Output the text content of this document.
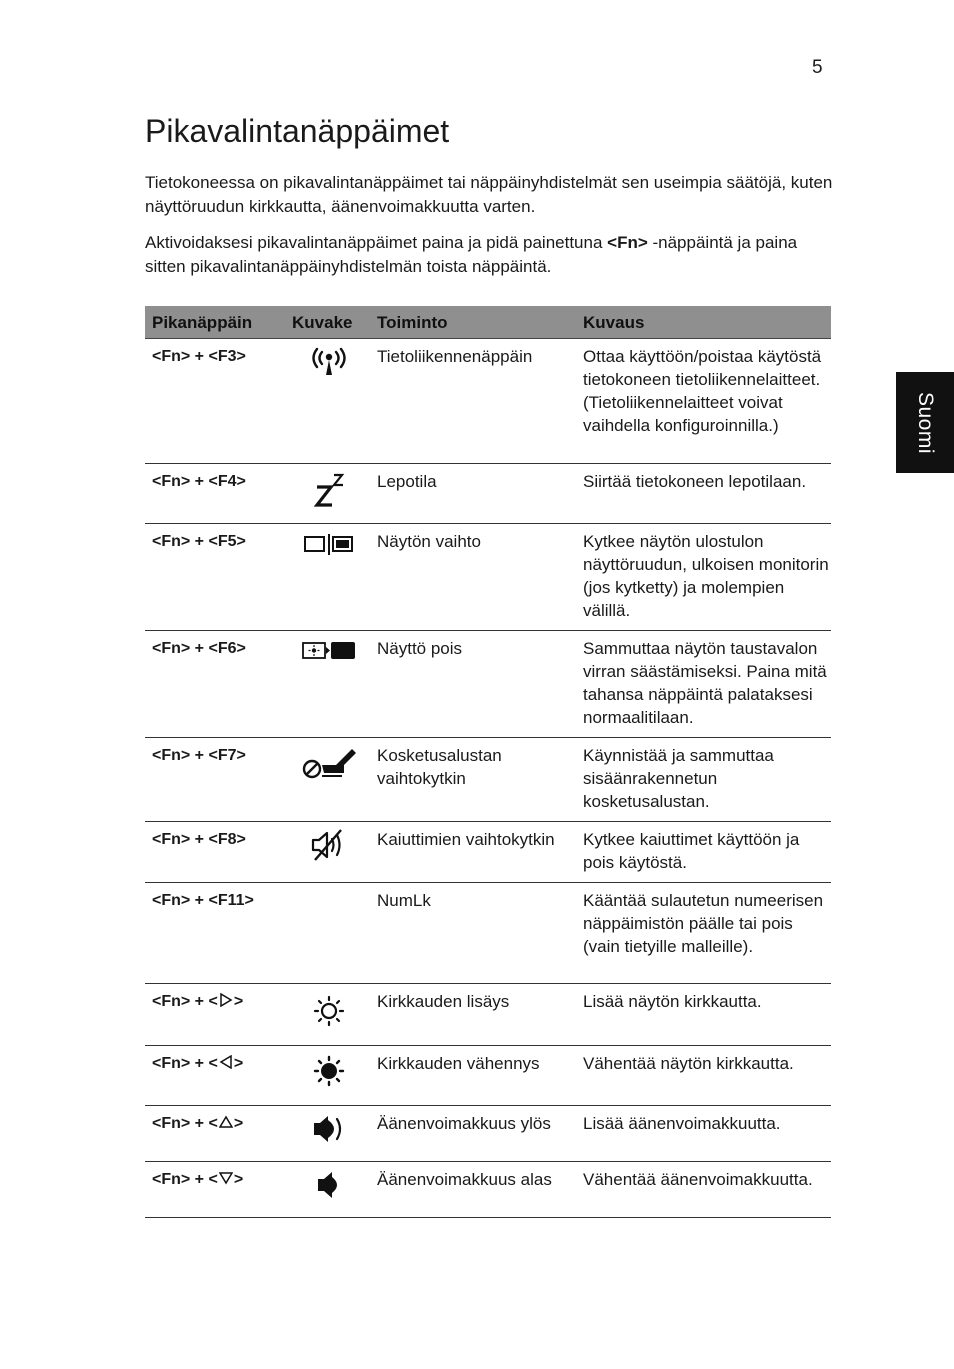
5
Suomi
Pikavalintanäppäimet

Tietokoneessa on pikavalintanäppäimet tai näppäinyhdistelmät sen useimpia säätöjä, kuten näyttöruudun kirkkautta, äänenvoimakkuutta varten.

Aktivoidaksesi pikavalintanäppäimet paina ja pidä painettuna <Fn> -näppäintä ja paina sitten pikavalintanäppäinyhdistelmän toista näppäintä.

Pikanäppäin	Kuvake	Toiminto	Kuvaus
<Fn> + <F3>		Tietoliikennenäppäin	Ottaa käyttöön/poistaa käytöstä tietokoneen tietoliikennelaitteet. (Tietoliikennelaitteet voivat vaihdella konfiguroinnilla.)
<Fn> + <F4>		Lepotila	Siirtää tietokoneen lepotilaan.
<Fn> + <F5>		Näytön vaihto	Kytkee näytön ulostulon näyttöruudun, ulkoisen monitorin (jos kytketty) ja molempien välillä.
<Fn> + <F6>		Näyttö pois	Sammuttaa näytön taustavalon virran säästämiseksi. Paina mitä tahansa näppäintä palataksesi normaalitilaan.
<Fn> + <F7>		Kosketusalustan vaihtokytkin	Käynnistää ja sammuttaa sisäänrakennetun kosketusalustan.
<Fn> + <F8>		Kaiuttimien vaihtokytkin	Kytkee kaiuttimet käyttöön ja pois käytöstä.
<Fn> + <F11>		NumLk	Kääntää sulautetun numeerisen näppäimistön päälle tai pois (vain tietyille malleille).
<Fn> + < >		Kirkkauden lisäys	Lisää näytön kirkkautta.
<Fn> + < >		Kirkkauden vähennys	Vähentää näytön kirkkautta.
<Fn> + < >		Äänenvoimakkuus ylös	Lisää äänenvoimakkuutta.
<Fn> + < >		Äänenvoimakkuus alas	Vähentää äänenvoimakkuutta.
